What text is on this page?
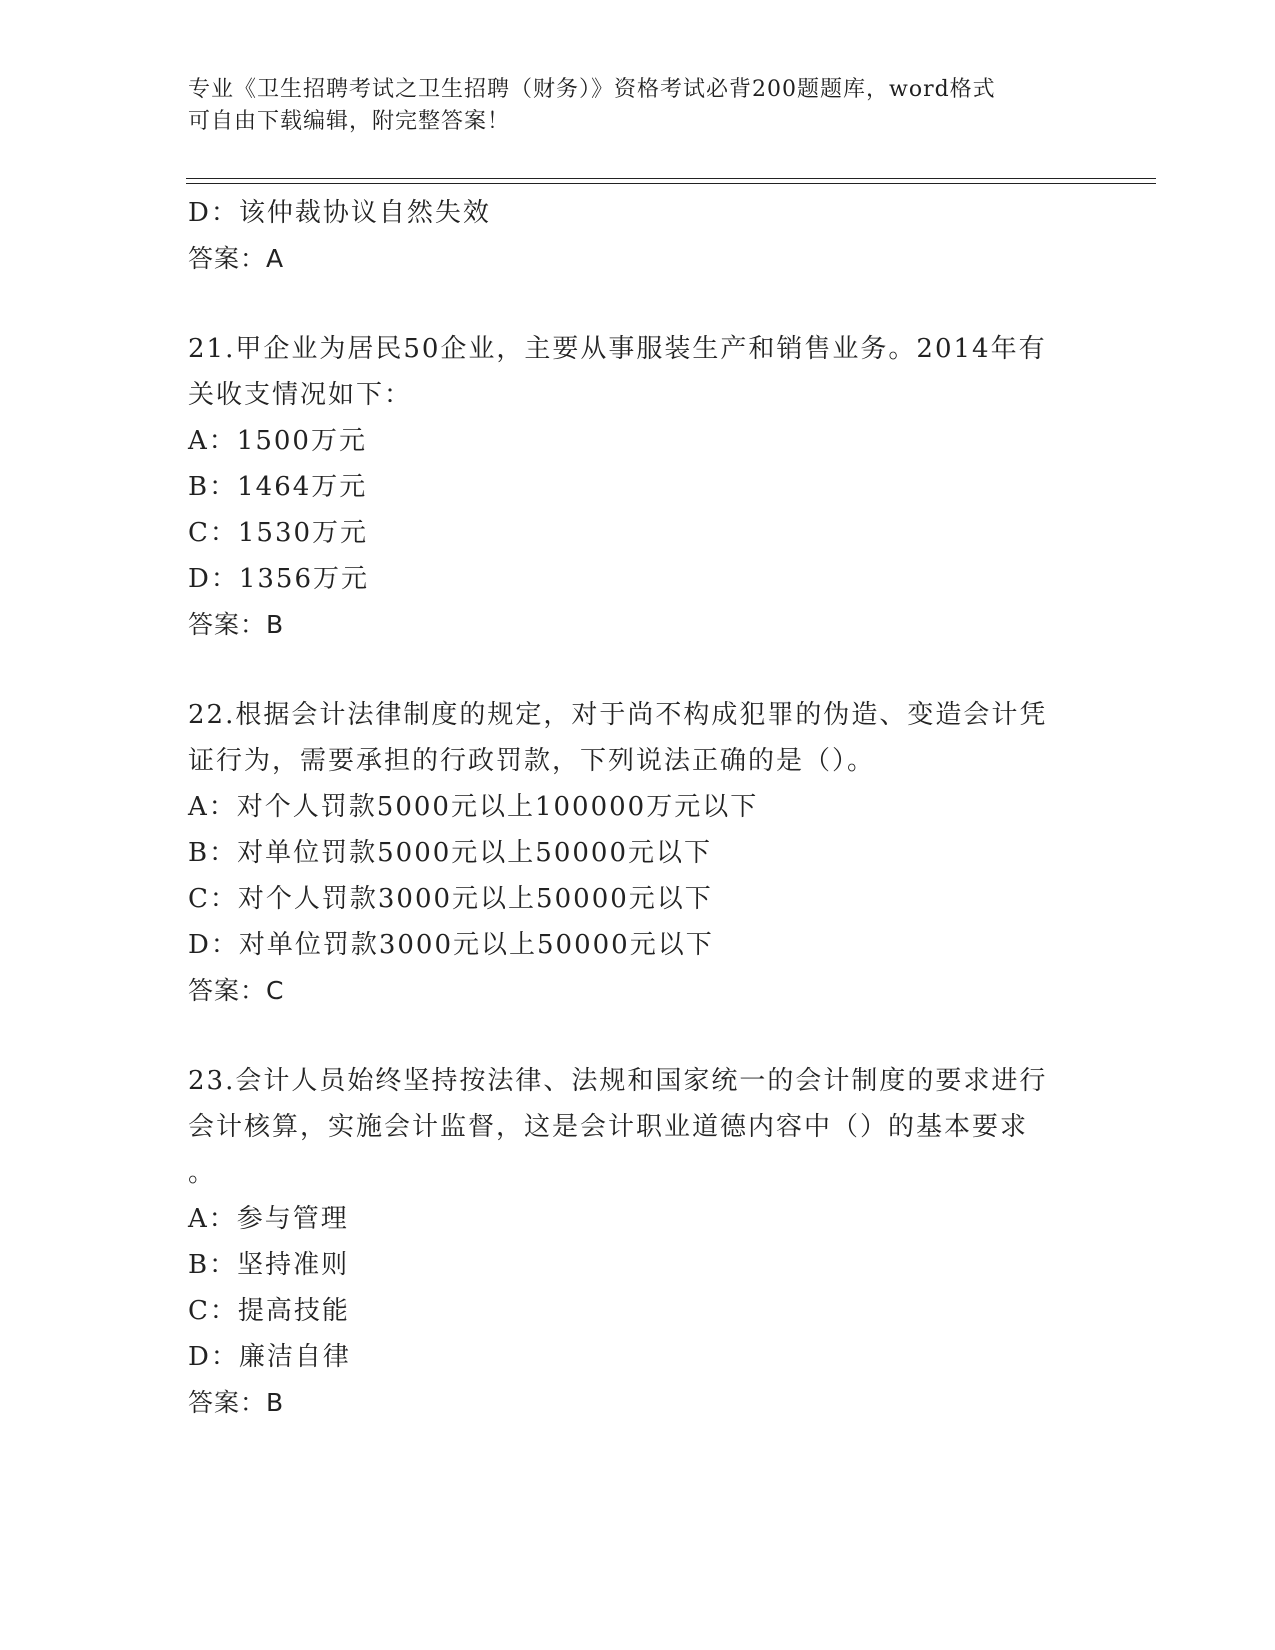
专业《卫生招聘考试之卫生招聘（财务）》资格考试必背200题题库，word格式
可自由下载编辑，附完整答案！
D：该仲裁协议自然失效
答案：A
21.甲企业为居民50企业，主要从事服装生产和销售业务。2014年有
关收支情况如下：
A：1500万元
B：1464万元
C：1530万元
D：1356万元
答案：B
22.根据会计法律制度的规定，对于尚不构成犯罪的伪造、变造会计凭
证行为，需要承担的行政罚款，下列说法正确的是（）。
A：对个人罚款5000元以上100000万元以下
B：对单位罚款5000元以上50000元以下
C：对个人罚款3000元以上50000元以下
D：对单位罚款3000元以上50000元以下
答案：C
23.会计人员始终坚持按法律、法规和国家统一的会计制度的要求进行
会计核算，实施会计监督，这是会计职业道德内容中（）的基本要求
。
A：参与管理
B：坚持准则
C：提高技能
D：廉洁自律
答案：B
